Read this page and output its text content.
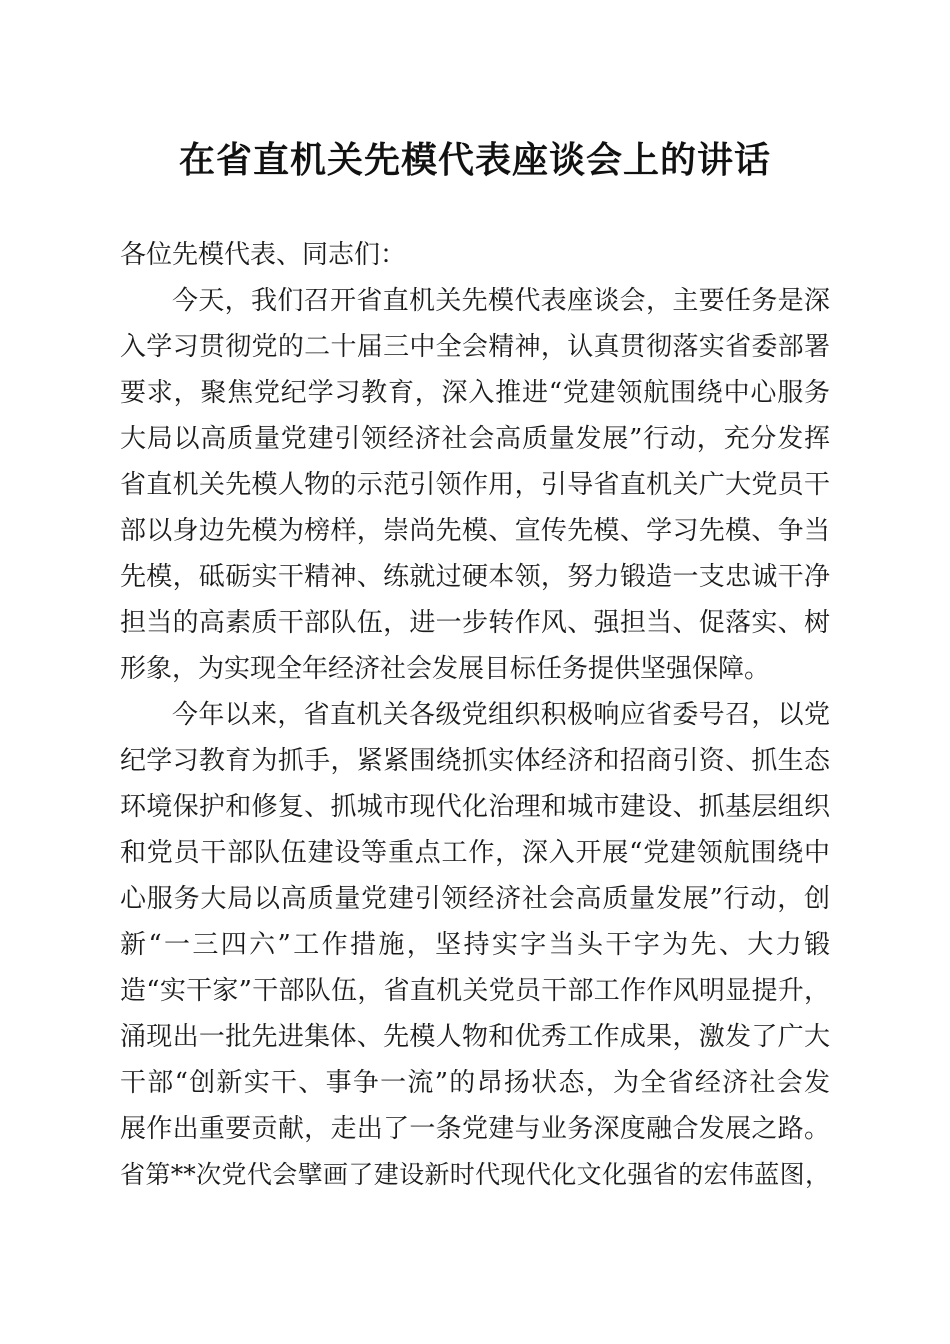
在省直机关先模代表座谈会上的讲话
各位先模代表、同志们：
今天，我们召开省直机关先模代表座谈会，主要任务是深
入学习贯彻党的二十届三中全会精神，认真贯彻落实省委部署
要求，聚焦党纪学习教育，深入推进“党建领航围绕中心服务
大局以高质量党建引领经济社会高质量发展”行动，充分发挥
省直机关先模人物的示范引领作用，引导省直机关广大党员干
部以身边先模为榜样，崇尚先模、宣传先模、学习先模、争当
先模，砥砺实干精神、练就过硬本领，努力锻造一支忠诚干净
担当的高素质干部队伍，进一步转作风、强担当、促落实、树
形象，为实现全年经济社会发展目标任务提供坚强保障。
今年以来，省直机关各级党组织积极响应省委号召，以党
纪学习教育为抓手，紧紧围绕抓实体经济和招商引资、抓生态
环境保护和修复、抓城市现代化治理和城市建设、抓基层组织
和党员干部队伍建设等重点工作，深入开展“党建领航围绕中
心服务大局以高质量党建引领经济社会高质量发展”行动，创
新“一三四六”工作措施，坚持实字当头干字为先、大力锻
造“实干家”干部队伍，省直机关党员干部工作作风明显提升，
涌现出一批先进集体、先模人物和优秀工作成果，激发了广大
干部“创新实干、事争一流”的昂扬状态，为全省经济社会发
展作出重要贡献，走出了一条党建与业务深度融合发展之路。
省第**次党代会擘画了建设新时代现代化文化强省的宏伟蓝图，
